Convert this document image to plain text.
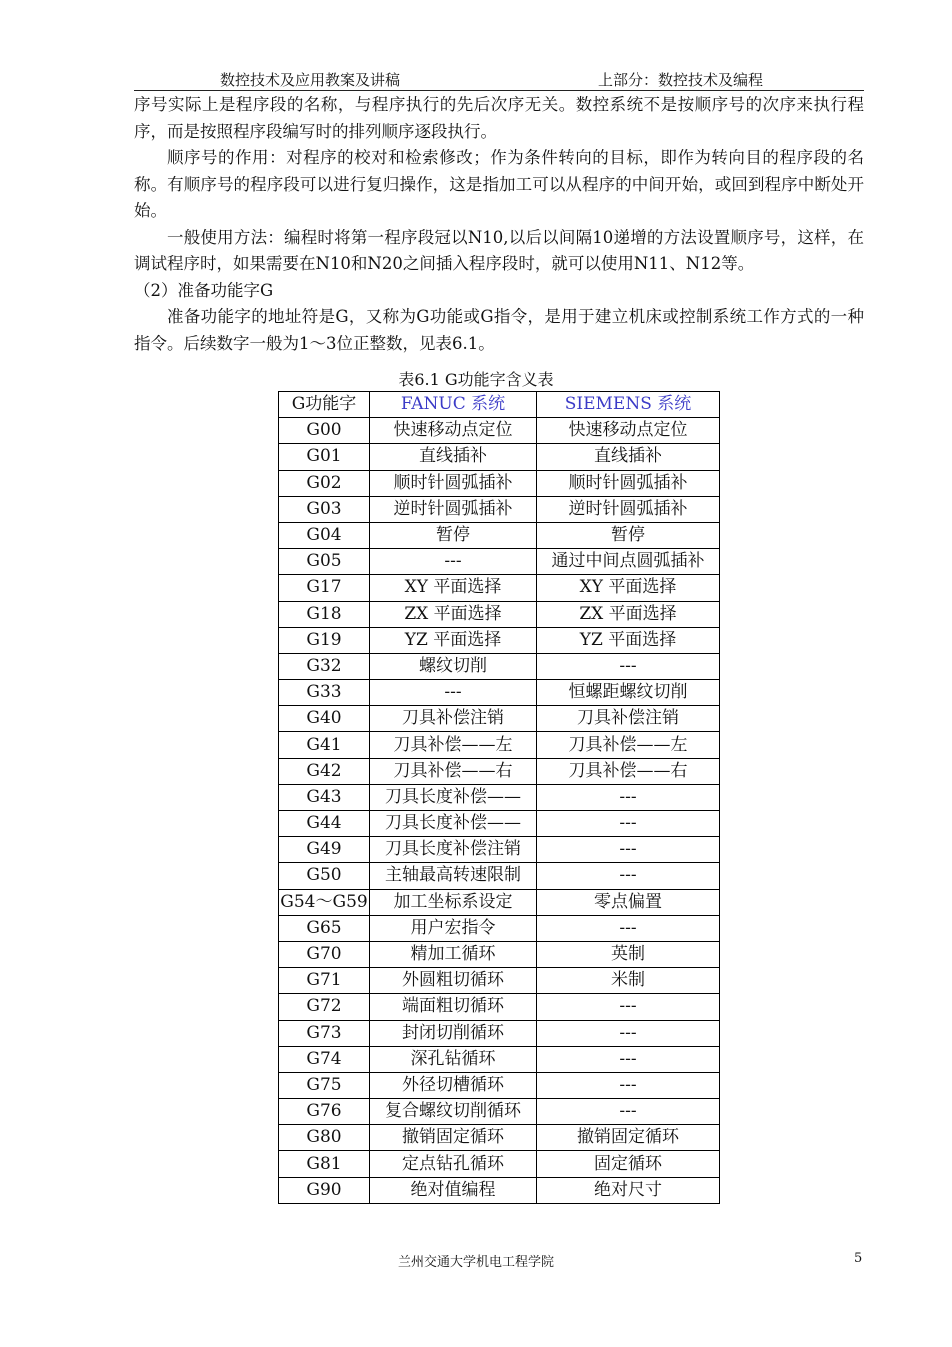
数控技术及应用教案及讲稿	上部分：数控技术及编程

序号实际上是程序段的名称，与程序执行的先后次序无关。数控系统不是按顺序号的次序来执行程序，而是按照程序段编写时的排列顺序逐段执行。

顺序号的作用：对程序的校对和检索修改；作为条件转向的目标，即作为转向目的程序段的名称。有顺序号的程序段可以进行复归操作，这是指加工可以从程序的中间开始，或回到程序中断处开始。

一般使用方法：编程时将第一程序段冠以N10,以后以间隔10递增的方法设置顺序号，这样，在调试程序时，如果需要在N10和N20之间插入程序段时，就可以使用N11、N12等。

（2）准备功能字G

准备功能字的地址符是G，又称为G功能或G指令，是用于建立机床或控制系统工作方式的一种指令。后续数字一般为1～3位正整数，见表6.1。

表6.1 G功能字含义表
G功能字	FANUC 系统	SIEMENS 系统
G00	快速移动点定位	快速移动点定位
G01	直线插补	直线插补
G02	顺时针圆弧插补	顺时针圆弧插补
G03	逆时针圆弧插补	逆时针圆弧插补
G04	暂停	暂停
G05	---	通过中间点圆弧插补
G17	XY 平面选择	XY 平面选择
G18	ZX 平面选择	ZX 平面选择
G19	YZ 平面选择	YZ 平面选择
G32	螺纹切削	---
G33	---	恒螺距螺纹切削
G40	刀具补偿注销	刀具补偿注销
G41	刀具补偿——左	刀具补偿——左
G42	刀具补偿——右	刀具补偿——右
G43	刀具长度补偿——	---
G44	刀具长度补偿——	---
G49	刀具长度补偿注销	---
G50	主轴最高转速限制	---
G54～G59	加工坐标系设定	零点偏置
G65	用户宏指令	---
G70	精加工循环	英制
G71	外圆粗切循环	米制
G72	端面粗切循环	---
G73	封闭切削循环	---
G74	深孔钻循环	---
G75	外径切槽循环	---
G76	复合螺纹切削循环	---
G80	撤销固定循环	撤销固定循环
G81	定点钻孔循环	固定循环
G90	绝对值编程	绝对尺寸
兰州交通大学机电工程学院	5
